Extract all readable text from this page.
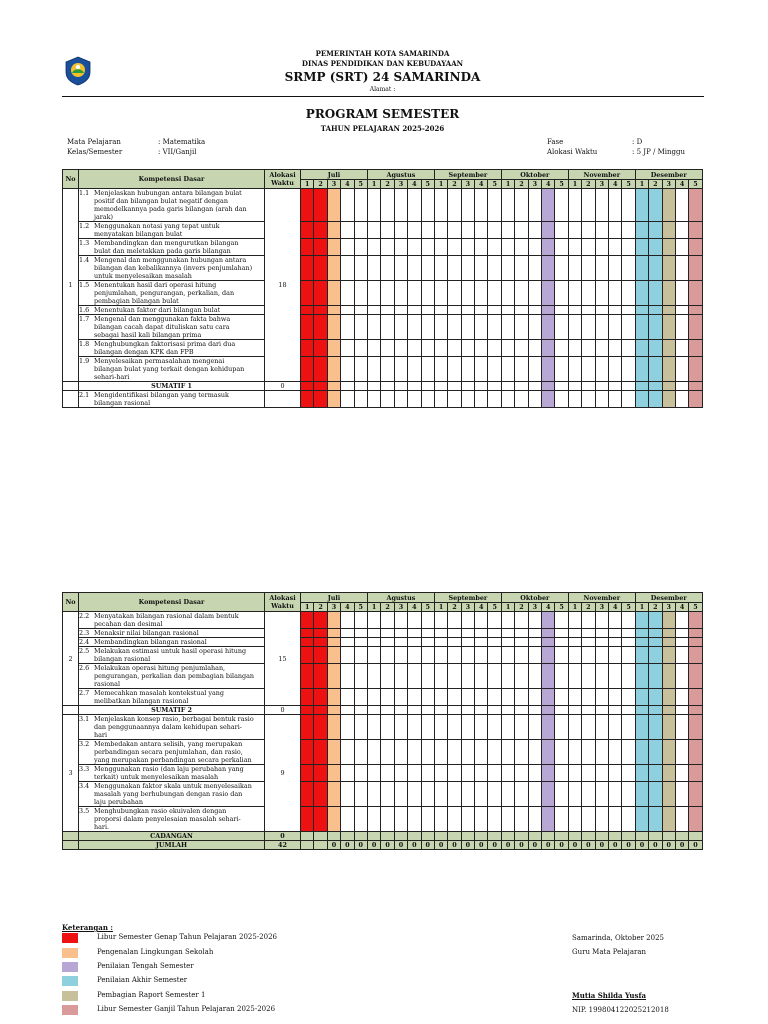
PEMERINTAH KOTA SAMARINDA
DINAS PENDIDIKAN DAN KEBUDAYAAN
SRMP (SRT) 24 SAMARINDA
Alamat :
PROGRAM SEMESTER
TAHUN PELAJARAN 2025-2026
Mata Pelajaran	: Matematika
Kelas/Semester	: VII/Ganjil
Fase	: D
Alokasi Waktu	: 5 JP / Minggu
No	Kompetensi Dasar	Alokasi Waktu	Juli					Agustus					September					Oktober					November					Desember				
			1	2	3	4	5	1	2	3	4	5	1	2	3	4	5	1	2	3	4	5	1	2	3	4	5	1	2	3	4	5
1	1.1 Menjelaskan hubungan antara bilangan bulat positif dan bilangan bulat negatif dengan memodelkannya pada garis bilangan (arah dan jarak)	18																														
	1.2 Menggunakan notasi yang tepat untuk menyatakan bilangan bulat																															
	1.3 Membandingkan dan mengurutkan bilangan bulat dan meletakkan pada garis bilangan																															
	1.4 Mengenal dan menggunakan hubungan antara bilangan dan kebalikannya (invers penjumlahan) untuk menyelesaikan masalah																															
	1.5 Menentukan hasil dari operasi hitung penjumlahan, pengurangan, perkalian, dan pembagian bilangan bulat																															
	1.6 Menentukan faktor dari bilangan bulat																															
	1.7 Mengenal dan menggunakan fakta bahwa bilangan cacah dapat dituliskan satu cara sebagai hasil kali bilangan prima																															
	1.8 Menghubungkan faktorisasi prima dari dua bilangan dengan KPK dan FPB																															
	1.9 Menyelesaikan permasalahan mengenai bilangan bulat yang terkait dengan kehidupan sehari-hari																															
	SUMATIF 1	0																														
	2.1 Mengidentifikasi bilangan yang termasuk bilangan rasional																															
No	Kompetensi Dasar	Alokasi Waktu	Juli					Agustus					September					Oktober					November					Desember				
			1	2	3	4	5	1	2	3	4	5	1	2	3	4	5	1	2	3	4	5	1	2	3	4	5	1	2	3	4	5
2	2.2 Menyatakan bilangan rasional dalam bentuk pecahan dan desimal	15																														
	2.3 Menaksir nilai bilangan rasional																															
	2.4 Membandingkan bilangan rasional																															
	2.5 Melakukan estimasi untuk hasil operasi hitung bilangan rasional																															
	2.6 Melakukan operasi hitung penjumlahan, pengurangan, perkalian dan pembagian bilangan rasional																															
	2.7 Memecahkan masalah kontekstual yang melibatkan bilangan rasional																															
	SUMATIF 2	0																														
3	3.1 Menjelaskan konsep rasio, berbagai bentuk rasio dan penggunaannya dalam kehidupan sehari-hari	9																														
	3.2 Membedakan antara selisih, yang merupakan perbandingan secara penjumlahan, dan rasio, yang merupakan perbandingan secara perkalian																															
	3.3 Menggunakan rasio (dan laju perubahan yang terkait) untuk menyelesaikan masalah																															
	3.4 Menggunakan faktor skala untuk menyelesaikan masalah yang berhubungan dengan rasio dan laju perubahan																															
	3.5 Menghubungkan rasio ekuivalen dengan proporsi dalam penyelesaian masalah sehari-hari.																															
	CADANGAN	0																														
	JUMLAH	42			0	0	0	0	0	0	0	0	0	0	0	0	0	0	0	0	0	0	0	0	0	0	0	0	0	0	0	0
Keterangan :
Libur Semester Genap Tahun Pelajaran 2025-2026
Pengenalan Lingkungan Sekolah
Penilaian Tengah Semester
Penilaian Akhir Semester
Pembagian Raport Semester 1
Libur Semester Ganjil Tahun Pelajaran 2025-2026
Samarinda, Oktober 2025
Guru Mata Pelajaran
Mutia Shilda Yusfa
NIP. 199804122025212018
